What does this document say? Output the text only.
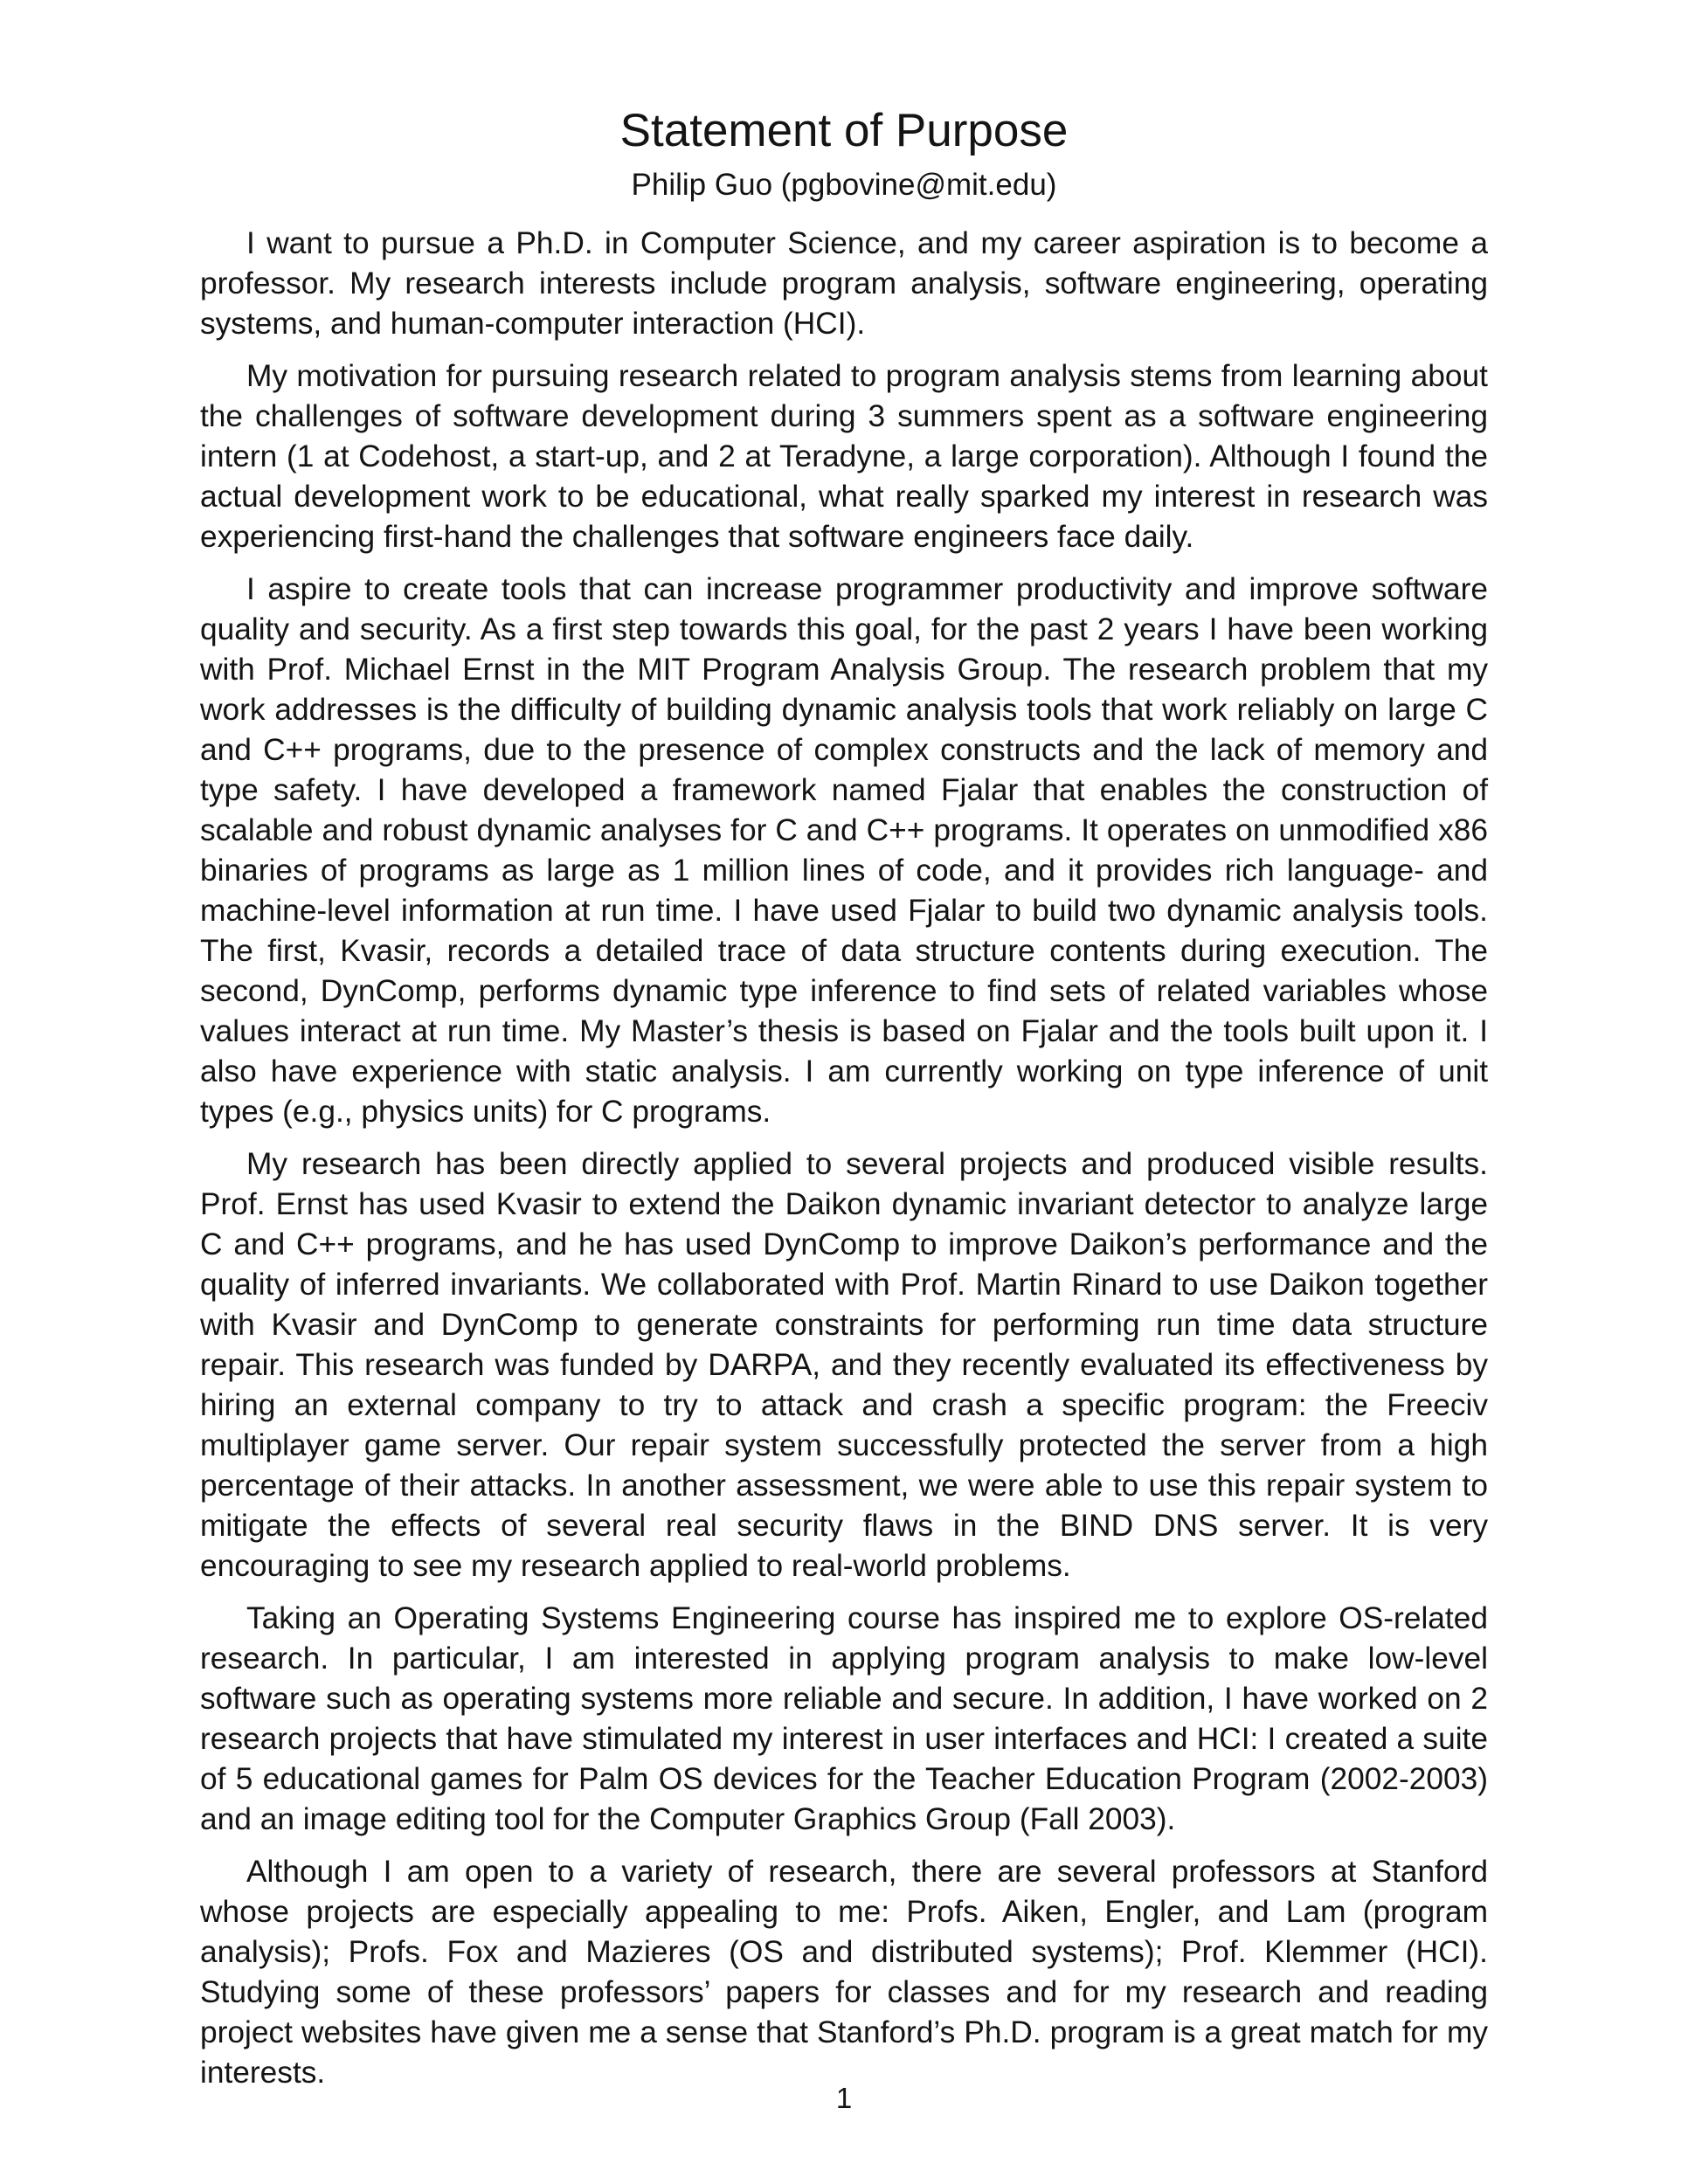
Statement of Purpose

Philip Guo (pgbovine@mit.edu)

I want to pursue a Ph.D. in Computer Science, and my career aspiration is to become a professor. My research interests include program analysis, software engineering, operating systems, and human-computer interaction (HCI).

My motivation for pursuing research related to program analysis stems from learning about the challenges of software development during 3 summers spent as a software engineering intern (1 at Codehost, a start-up, and 2 at Teradyne, a large corporation). Although I found the actual development work to be educational, what really sparked my interest in research was experiencing first-hand the challenges that software engineers face daily.

I aspire to create tools that can increase programmer productivity and improve software quality and security. As a first step towards this goal, for the past 2 years I have been working with Prof. Michael Ernst in the MIT Program Analysis Group. The research problem that my work addresses is the difficulty of building dynamic analysis tools that work reliably on large C and C++ programs, due to the presence of complex constructs and the lack of memory and type safety. I have developed a framework named Fjalar that enables the construction of scalable and robust dynamic analyses for C and C++ programs. It operates on unmodified x86 binaries of programs as large as 1 million lines of code, and it provides rich language- and machine-level information at run time. I have used Fjalar to build two dynamic analysis tools. The first, Kvasir, records a detailed trace of data structure contents during execution. The second, DynComp, performs dynamic type inference to find sets of related variables whose values interact at run time. My Master’s thesis is based on Fjalar and the tools built upon it. I also have experience with static analysis. I am currently working on type inference of unit types (e.g., physics units) for C programs.

My research has been directly applied to several projects and produced visible results. Prof. Ernst has used Kvasir to extend the Daikon dynamic invariant detector to analyze large C and C++ programs, and he has used DynComp to improve Daikon’s performance and the quality of inferred invariants. We collaborated with Prof. Martin Rinard to use Daikon together with Kvasir and DynComp to generate constraints for performing run time data structure repair. This research was funded by DARPA, and they recently evaluated its effectiveness by hiring an external company to try to attack and crash a specific program: the Freeciv multiplayer game server. Our repair system successfully protected the server from a high percentage of their attacks. In another assessment, we were able to use this repair system to mitigate the effects of several real security flaws in the BIND DNS server. It is very encouraging to see my research applied to real-world problems.

Taking an Operating Systems Engineering course has inspired me to explore OS-related research. In particular, I am interested in applying program analysis to make low-level software such as operating systems more reliable and secure. In addition, I have worked on 2 research projects that have stimulated my interest in user interfaces and HCI: I created a suite of 5 educational games for Palm OS devices for the Teacher Education Program (2002-2003) and an image editing tool for the Computer Graphics Group (Fall 2003).

Although I am open to a variety of research, there are several professors at Stanford whose projects are especially appealing to me: Profs. Aiken, Engler, and Lam (program analysis); Profs. Fox and Mazieres (OS and distributed systems); Prof. Klemmer (HCI). Studying some of these professors’ papers for classes and for my research and reading project websites have given me a sense that Stanford’s Ph.D. program is a great match for my interests.

1
